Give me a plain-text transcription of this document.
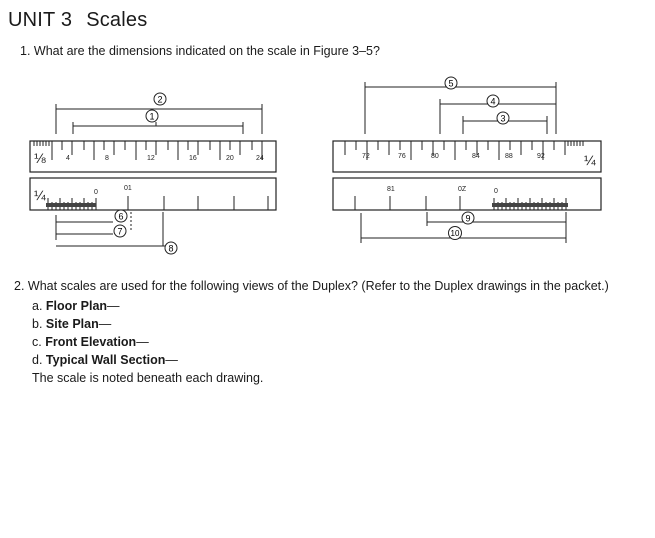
UNIT 3 Scales
1. What are the dimensions indicated on the scale in Figure 3–5?
⅛	4	8	12	16	20	24
¼	0
01
1
2
6
7
8
72	76	80	84	88	92	¼
81	0Z	0
3
4
5
9
10
2. What scales are used for the following views of the Duplex? (Refer to the Duplex drawings in the packet.)
a. Floor Plan—
b. Site Plan—
c. Front Elevation—
d. Typical Wall Section—
The scale is noted beneath each drawing.
